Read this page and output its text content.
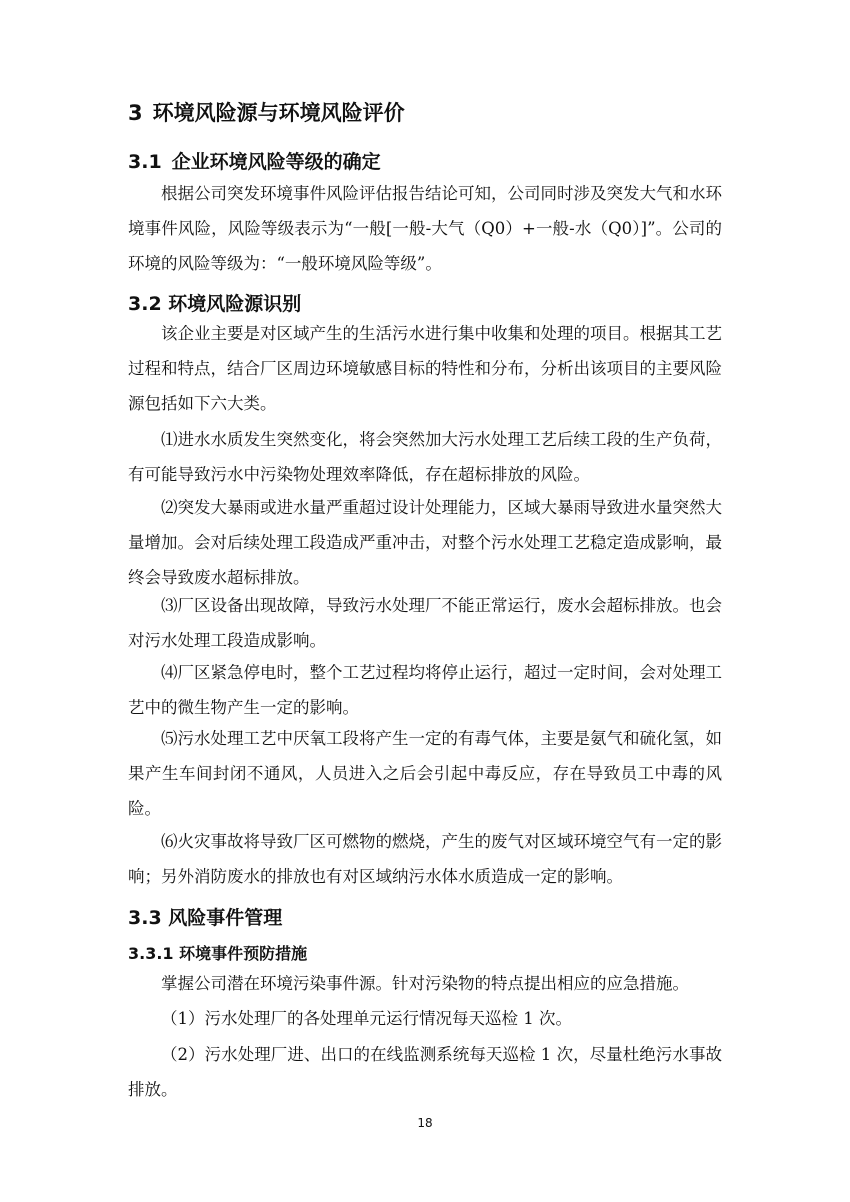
3 环境风险源与环境风险评价
3.1 企业环境风险等级的确定
根据公司突发环境事件风险评估报告结论可知，公司同时涉及突发大气和水环境事件风险，风险等级表示为“一般[一般-大气（Q0）+一般-水（Q0）]”。公司的环境的风险等级为：“一般环境风险等级”。
3.2 环境风险源识别
该企业主要是对区域产生的生活污水进行集中收集和处理的项目。根据其工艺过程和特点，结合厂区周边环境敏感目标的特性和分布，分析出该项目的主要风险源包括如下六大类。
⑴进水水质发生突然变化，将会突然加大污水处理工艺后续工段的生产负荷，有可能导致污水中污染物处理效率降低，存在超标排放的风险。
⑵突发大暴雨或进水量严重超过设计处理能力，区域大暴雨导致进水量突然大量增加。会对后续处理工段造成严重冲击，对整个污水处理工艺稳定造成影响，最终会导致废水超标排放。
⑶厂区设备出现故障，导致污水处理厂不能正常运行，废水会超标排放。也会对污水处理工段造成影响。
⑷厂区紧急停电时，整个工艺过程均将停止运行，超过一定时间，会对处理工艺中的微生物产生一定的影响。
⑸污水处理工艺中厌氧工段将产生一定的有毒气体，主要是氨气和硫化氢，如果产生车间封闭不通风，人员进入之后会引起中毒反应，存在导致员工中毒的风险。
⑹火灾事故将导致厂区可燃物的燃烧，产生的废气对区域环境空气有一定的影响；另外消防废水的排放也有对区域纳污水体水质造成一定的影响。
3.3 风险事件管理
3.3.1 环境事件预防措施
掌握公司潜在环境污染事件源。针对污染物的特点提出相应的应急措施。
（1）污水处理厂的各处理单元运行情况每天巡检 1 次。
（2）污水处理厂进、出口的在线监测系统每天巡检 1 次，尽量杜绝污水事故排放。
18
